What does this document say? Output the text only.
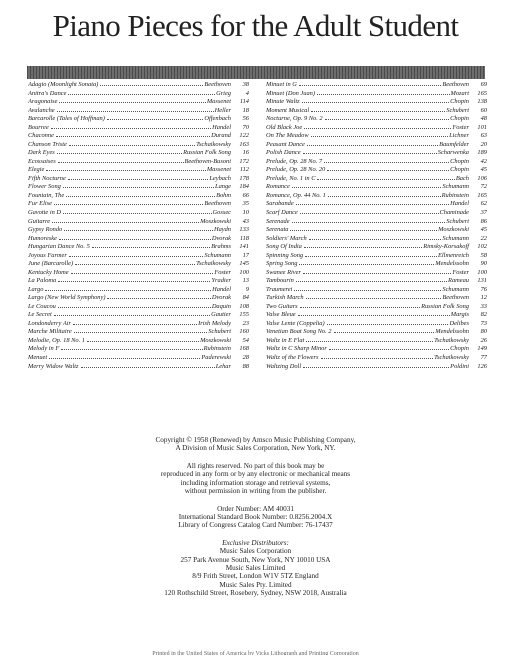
Piano Pieces for the Adult Student
Adagio (Moonlight Sonata)	Beethoven	38
Anitra's Dance	Grieg	4
Aragonaise	Massenet	114
Avalanche	Heller	18
Barcarolle (Tales of Hoffman)	Offenbach	56
Bourree	Handel	70
Chaconne	Durand	122
Chanson Triste	Tschaikowsky	163
Dark Eyes	Russian Folk Song	16
Ecossaises	Beethoven-Busoni	172
Elegie	Massenet	112
Fifth Nocturne	Leybach	178
Flower Song	Lange	184
Fountain, The	Bohm	66
Fur Elise	Beethoven	35
Gavotte in D	Gossec	10
Guitarre	Moszkowski	43
Gypsy Rondo	Haydn	133
Humoreske	Dvorak	118
Hungarian Dance No. 5	Brahms	141
Joyous Farmer	Schumann	17
June (Barcarolle)	Tschaikowsky	145
Kentucky Home	Foster	100
La Paloma	Yradier	13
Largo	Handel	9
Largo (New World Symphony)	Dvorak	84
Le Coucou	Daquin	108
Le Secret	Gautier	155
Londonderry Air	Irish Melody	23
Marche Militaire	Schubert	160
Melodie, Op. 18 No. 1	Moszkowski	54
Melody in F	Rubinstein	168
Menuet	Paderewski	28
Merry Widow Waltz	Lehar	88
Minuet in G	Beethoven	69
Minuet (Don Juan)	Mozart	165
Minute Waltz	Chopin	138
Moment Musical	Schubert	60
Nocturne, Op. 9 No. 2	Chopin	48
Old Black Joe	Foster	101
On The Meadow	Lichner	63
Peasant Dance	Baumfelder	20
Polish Dance	Scharwenka	189
Prelude, Op. 28 No. 7	Chopin	42
Prelude, Op. 28 No. 20	Chopin	45
Prelude, No. 1 in C	Bach	106
Romance	Schumann	72
Romance, Op. 44 No. 1	Rubinstein	165
Sarabande	Handel	62
Scarf Dance	Chaminade	37
Serenade	Schubert	86
Serenata	Moszkowski	45
Soldiers' March	Schumann	22
Song Of India	Rimsky-Korsakoff	102
Spinning Song	Ellmenreich	58
Spring Song	Mendelssohn	90
Swanee River	Foster	100
Tambourin	Rameau	131
Traumerei	Schumann	76
Turkish March	Beethoven	12
Two Guitars	Russian Folk Song	33
Valse Bleue	Margis	82
Valse Lente (Coppelia)	Delibes	73
Venetian Boat Song No. 2	Mendelssohn	80
Waltz in E Flat	Tschaikowsky	26
Waltz in C Sharp Minor	Chopin	149
Waltz of the Flowers	Tschaikowsky	77
Waltzing Doll	Poldini	126
Copyright © 1958 (Renewed) by Amsco Music Publishing Company,
A Division of Music Sales Corporation, New York, NY.
All rights reserved. No part of this book may be
reproduced in any form or by any electronic or mechanical means
including information storage and retrieval systems,
without permission in writing from the publisher.
Order Number: AM 40031
International Standard Book Number: 0.8256.2004.X
Library of Congress Catalog Card Number: 76-17437
Exclusive Distributors:
Music Sales Corporation
257 Park Avenue South, New York, NY 10010 USA
Music Sales Limited
8/9 Frith Street, London W1V 5TZ England
Music Sales Pty. Limited
120 Rothschild Street, Rosebery, Sydney, NSW 2018, Australia
Printed in the United States of America by Vicks Lithograph and Printing Corporation
